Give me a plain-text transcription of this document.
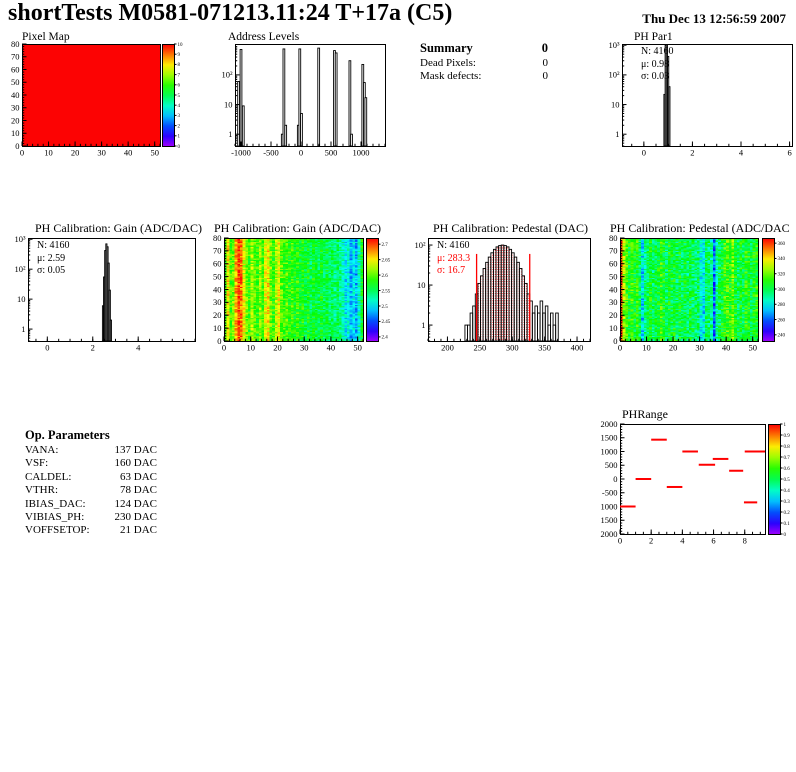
0 10 20 30 40 50
0
10
20
30
40
50
60
70
80	10
9
8
7
6
5
4
3
2
1
0
-1000 -500 0	500 1000
1
10
10²
0	2	4	6
1
10
10²
10³
0	2	4
1
10
10²
10³
0 10 20 30 40 50
0
10
20
30
40
50
60
70
80
2.7
2.65
2.6
2.55
2.5
2.45
2.4
200 250 300 350 400
1
10
10²
0 10 20 30 40 50
0
10
20
30
40
50
60
70
80
360
340
320
300
280
260
240
0	2	4	6	8
2000
1500
1000
500
0
-500
1000
1500
2000
1
0.9
0.8
0.7
0.6
0.5
0.4
0.3
0.2
0.1
0
shortTests M0581-071213.11:24 T+17a (C5)	Thu Dec 13 12:56:59 2007
Pixel Map	Address Levels	PH Par1
PH Calibration: Gain (ADC/DAC) PH Calibration: Gain (ADC/DAC)	PH Calibration: Pedestal (DAC) PH Calibration: Pedestal (ADC/DAC
PHRange
N: 4160
μ: 0.98
σ: 0.03
N: 4160
μ: 2.59
σ: 0.05
N: 4160
μ: 283.3
σ: 16.7
Summary	0
Dead Pixels:	0
Mask defects:	0
Op. Parameters
VANA:	137 DAC
VSF:	160 DAC
CALDEL:	63 DAC
VTHR:	78 DAC
IBIAS_DAC:	124 DAC
VIBIAS_PH:	230 DAC
VOFFSETOP:	21 DAC
